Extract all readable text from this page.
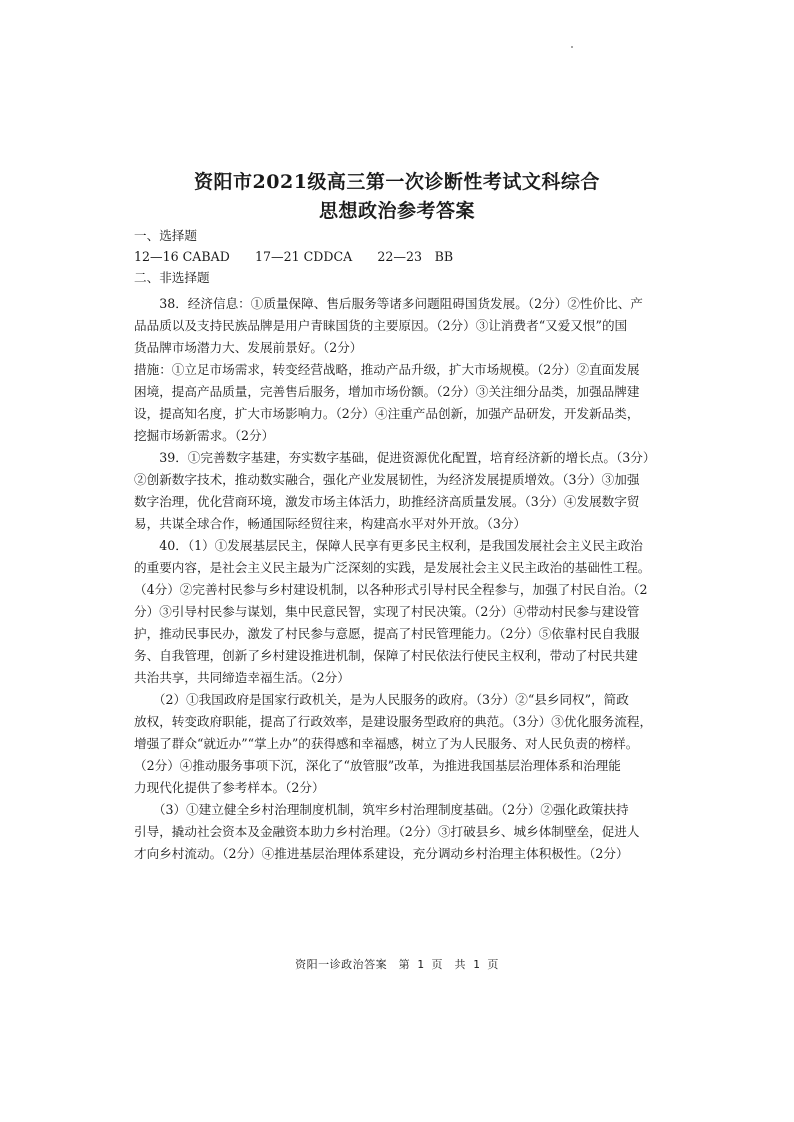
资阳市2021级高三第一次诊断性考试文科综合
思想政治参考答案
一、选择题
12—16 CABAD　　17—21 CDDCA　　22—23　BB
二、非选择题
　　38．经济信息：①质量保障、售后服务等诸多问题阻碍国货发展。（2分）②性价比、产
品品质以及支持民族品牌是用户青睐国货的主要原因。（2分）③让消费者“又爱又恨”的国
货品牌市场潜力大、发展前景好。（2分）
措施：①立足市场需求，转变经营战略，推动产品升级，扩大市场规模。（2分）②直面发展
困境，提高产品质量，完善售后服务，增加市场份额。（2分）③关注细分品类，加强品牌建
设，提高知名度，扩大市场影响力。（2分）④注重产品创新，加强产品研发，开发新品类，
挖掘市场新需求。（2分）
　　39．①完善数字基建，夯实数字基础，促进资源优化配置，培育经济新的增长点。（3分）
②创新数字技术，推动数实融合，强化产业发展韧性，为经济发展提质增效。（3分）③加强
数字治理，优化营商环境，激发市场主体活力，助推经济高质量发展。（3分）④发展数字贸
易，共谋全球合作，畅通国际经贸往来，构建高水平对外开放。（3分）
　　40．（1）①发展基层民主，保障人民享有更多民主权利，是我国发展社会主义民主政治
的重要内容，是社会主义民主最为广泛深刻的实践，是发展社会主义民主政治的基础性工程。
（4分）②完善村民参与乡村建设机制，以各种形式引导村民全程参与，加强了村民自治。（2
分）③引导村民参与谋划，集中民意民智，实现了村民决策。（2分）④带动村民参与建设管
护，推动民事民办，激发了村民参与意愿，提高了村民管理能力。（2分）⑤依靠村民自我服
务、自我管理，创新了乡村建设推进机制，保障了村民依法行使民主权利，带动了村民共建
共治共享，共同缔造幸福生活。（2分）
　　（2）①我国政府是国家行政机关，是为人民服务的政府。（3分）②“县乡同权”，简政
放权，转变政府职能，提高了行政效率，是建设服务型政府的典范。（3分）③优化服务流程，
增强了群众“就近办”“掌上办”的获得感和幸福感，树立了为人民服务、对人民负责的榜样。
（2分）④推动服务事项下沉，深化了“放管服”改革，为推进我国基层治理体系和治理能
力现代化提供了参考样本。（2分）
　　（3）①建立健全乡村治理制度机制，筑牢乡村治理制度基础。（2分）②强化政策扶持
引导，撬动社会资本及金融资本助力乡村治理。（2分）③打破县乡、城乡体制壁垒，促进人
才向乡村流动。（2分）④推进基层治理体系建设，充分调动乡村治理主体积极性。（2分）
资阳一诊政治答案　第 1 页　共 1 页
